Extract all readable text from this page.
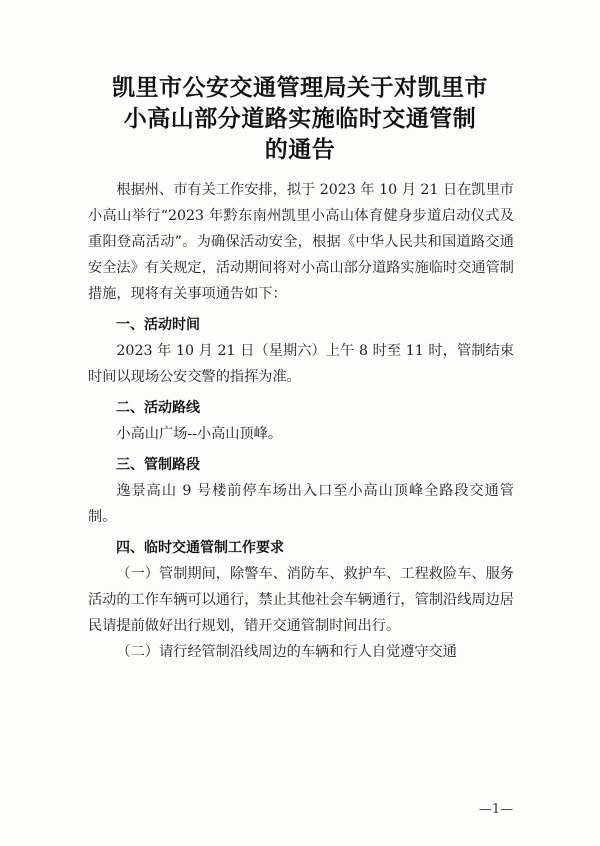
凯里市公安交通管理局关于对凯里市
小高山部分道路实施临时交通管制
的通告

根据州、市有关工作安排，拟于 2023 年 10 月 21 日在凯里市小高山举行“2023 年黔东南州凯里小高山体育健身步道启动仪式及重阳登高活动”。为确保活动安全，根据《中华人民共和国道路交通安全法》有关规定，活动期间将对小高山部分道路实施临时交通管制措施，现将有关事项通告如下：

一、活动时间

2023 年 10 月 21 日（星期六）上午 8 时至 11 时，管制结束时间以现场公安交警的指挥为准。

二、活动路线

小高山广场--小高山顶峰。

三、管制路段

逸景高山 9 号楼前停车场出入口至小高山顶峰全路段交通管制。

四、临时交通管制工作要求

（一）管制期间，除警车、消防车、救护车、工程救险车、服务活动的工作车辆可以通行，禁止其他社会车辆通行，管制沿线周边居民请提前做好出行规划，错开交通管制时间出行。

（二）请行经管制沿线周边的车辆和行人自觉遵守交通

—1—
